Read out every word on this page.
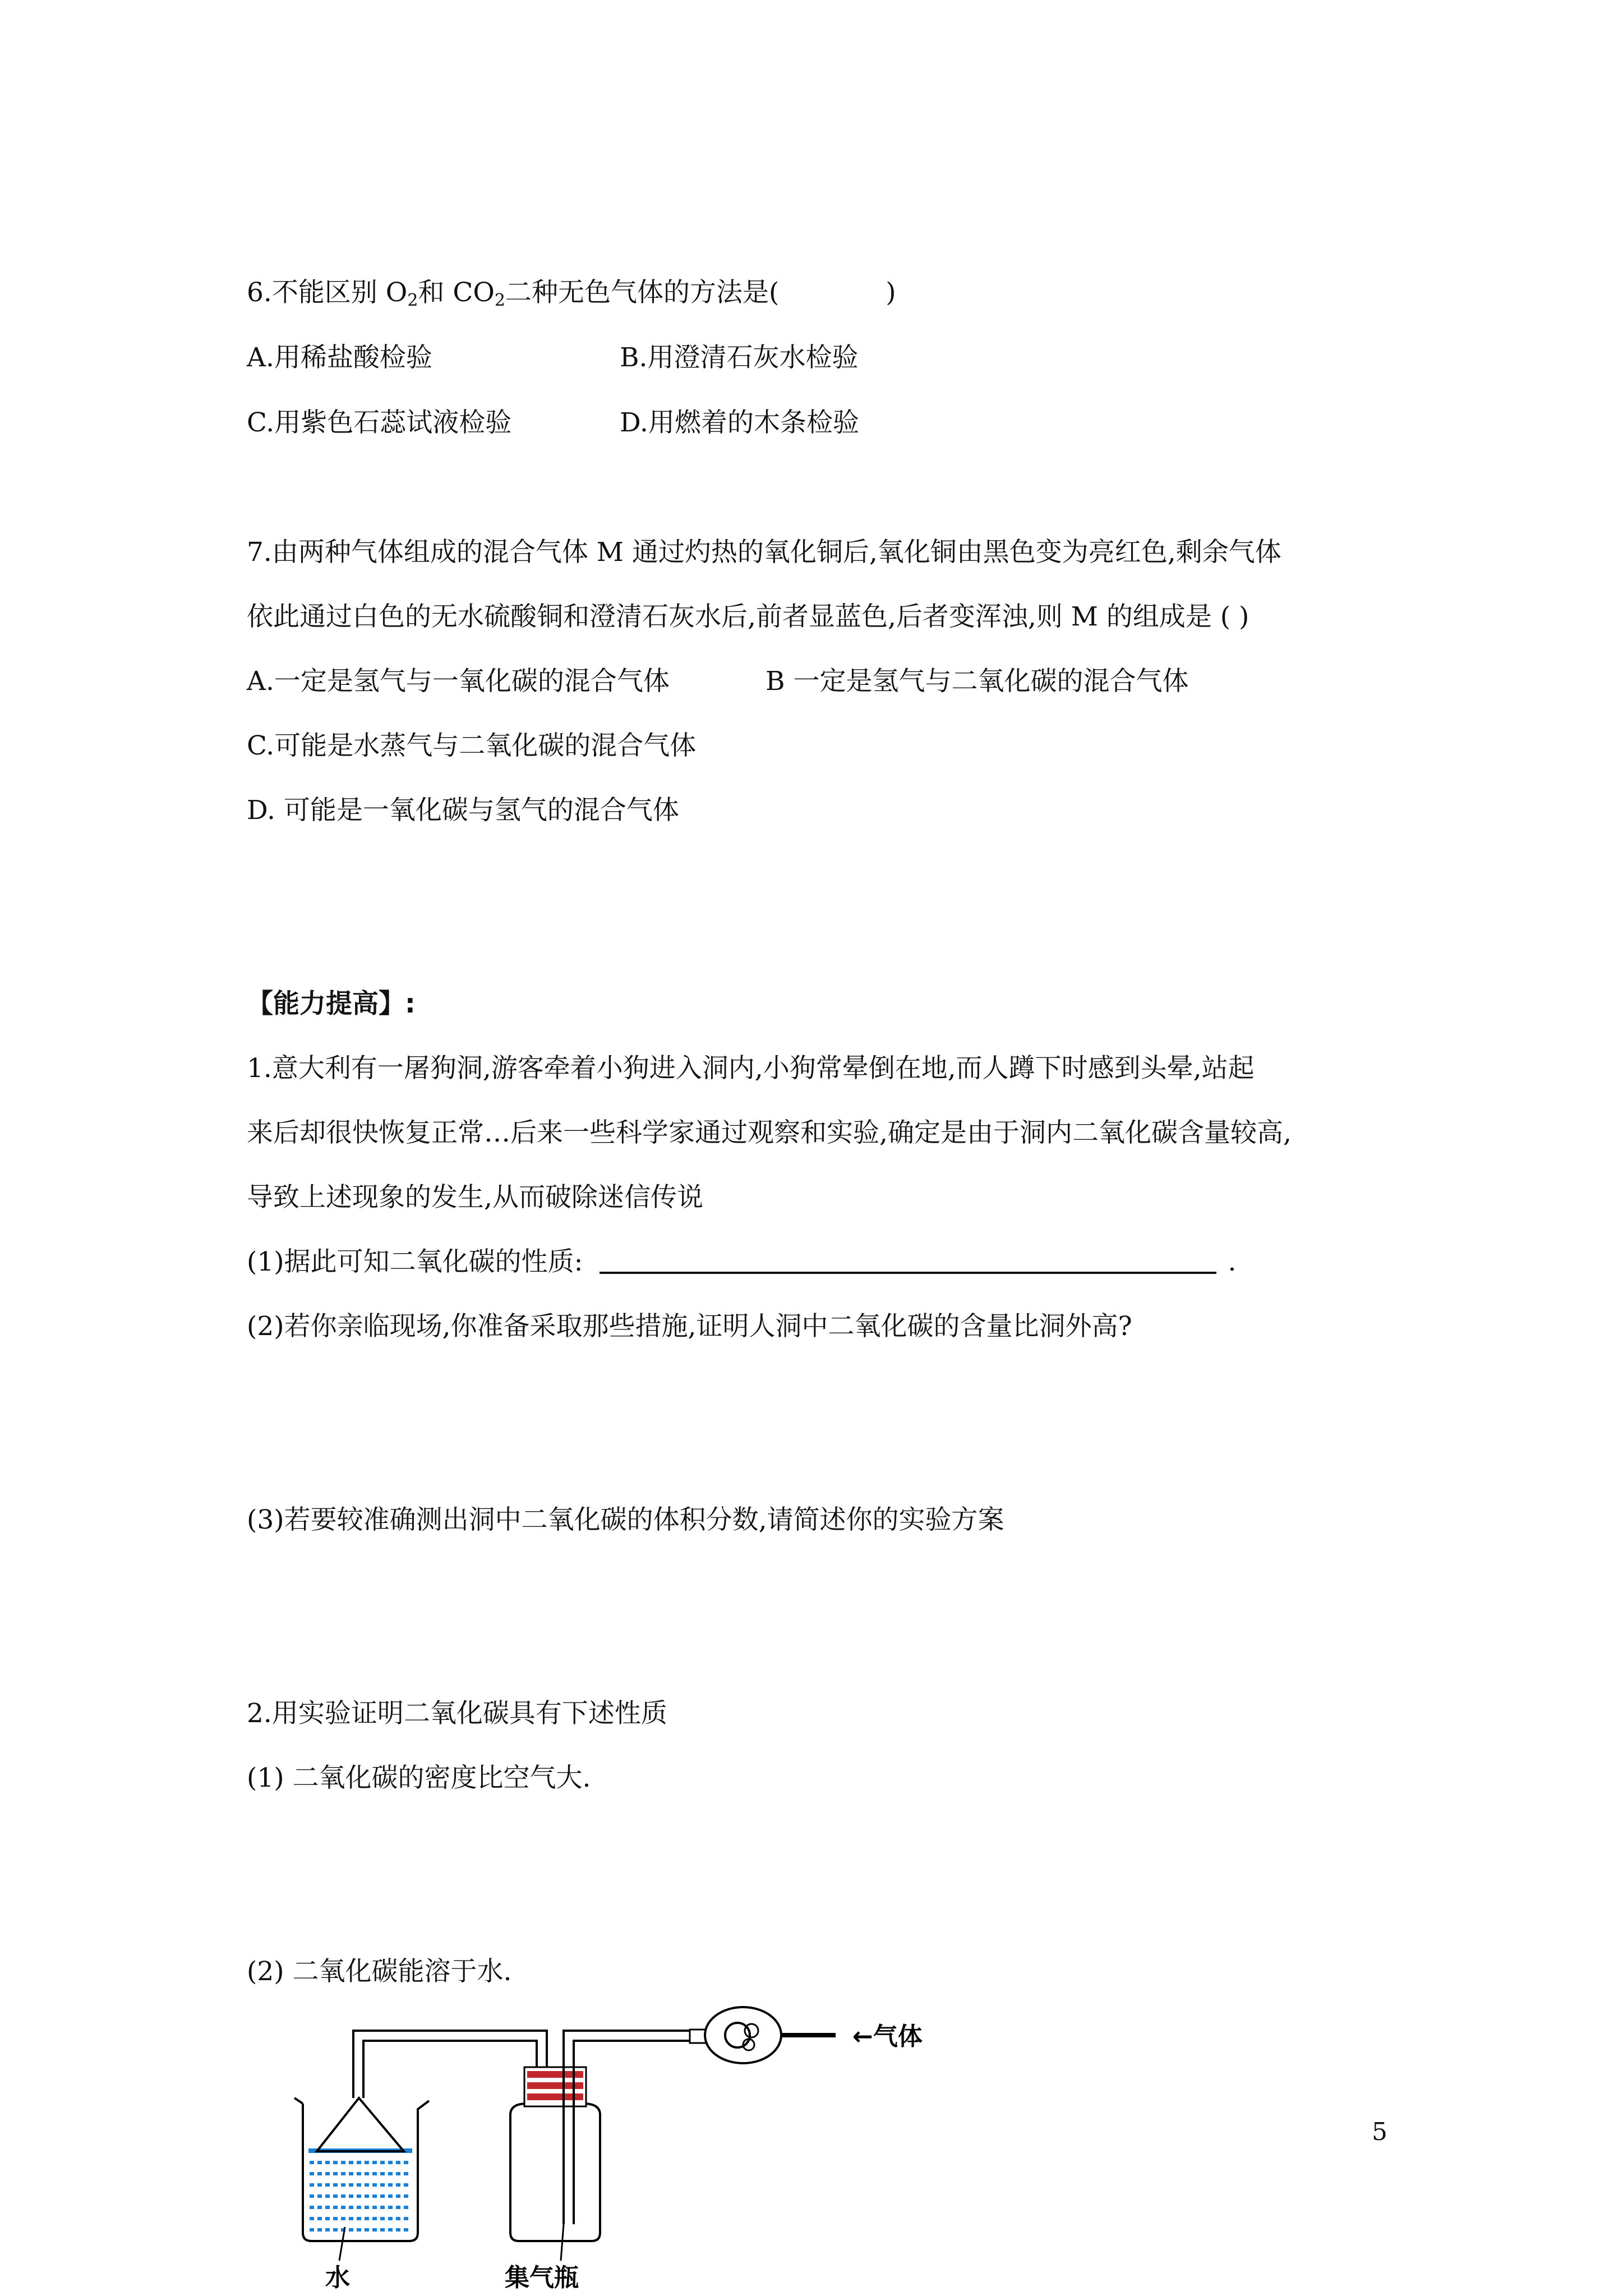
6.不能区别 $O_2$和 $CO_2$二种无色气体的方法是(	)
A.用稀盐酸检验	B.用澄清石灰水检验
C.用紫色石蕊试液检验	D.用燃着的木条检验
7.由两种气体组成的混合气体 M 通过灼热的氧化铜后,氧化铜由黑色变为亮红色,剩余气体
依此通过白色的无水硫酸铜和澄清石灰水后,前者显蓝色,后者变浑浊,则 M 的组成是 ( )
A.一定是氢气与一氧化碳的混合气体	B 一定是氢气与二氧化碳的混合气体
C.可能是水蒸气与二氧化碳的混合气体
D. 可能是一氧化碳与氢气的混合气体
【能力提高】:
1.意大利有一屠狗洞,游客牵着小狗进入洞内,小狗常晕倒在地,而人蹲下时感到头晕,站起
来后却很快恢复正常…后来一些科学家通过观察和实验,确定是由于洞内二氧化碳含量较高,
导致上述现象的发生,从而破除迷信传说
(1)据此可知二氧化碳的性质:	.
(2)若你亲临现场,你准备采取那些措施,证明人洞中二氧化碳的含量比洞外高?
(3)若要较准确测出洞中二氧化碳的体积分数,请简述你的实验方案
2.用实验证明二氧化碳具有下述性质
(1) 二氧化碳的密度比空气大.
(2) 二氧化碳能溶于水.
←气体
水	集气瓶
5
